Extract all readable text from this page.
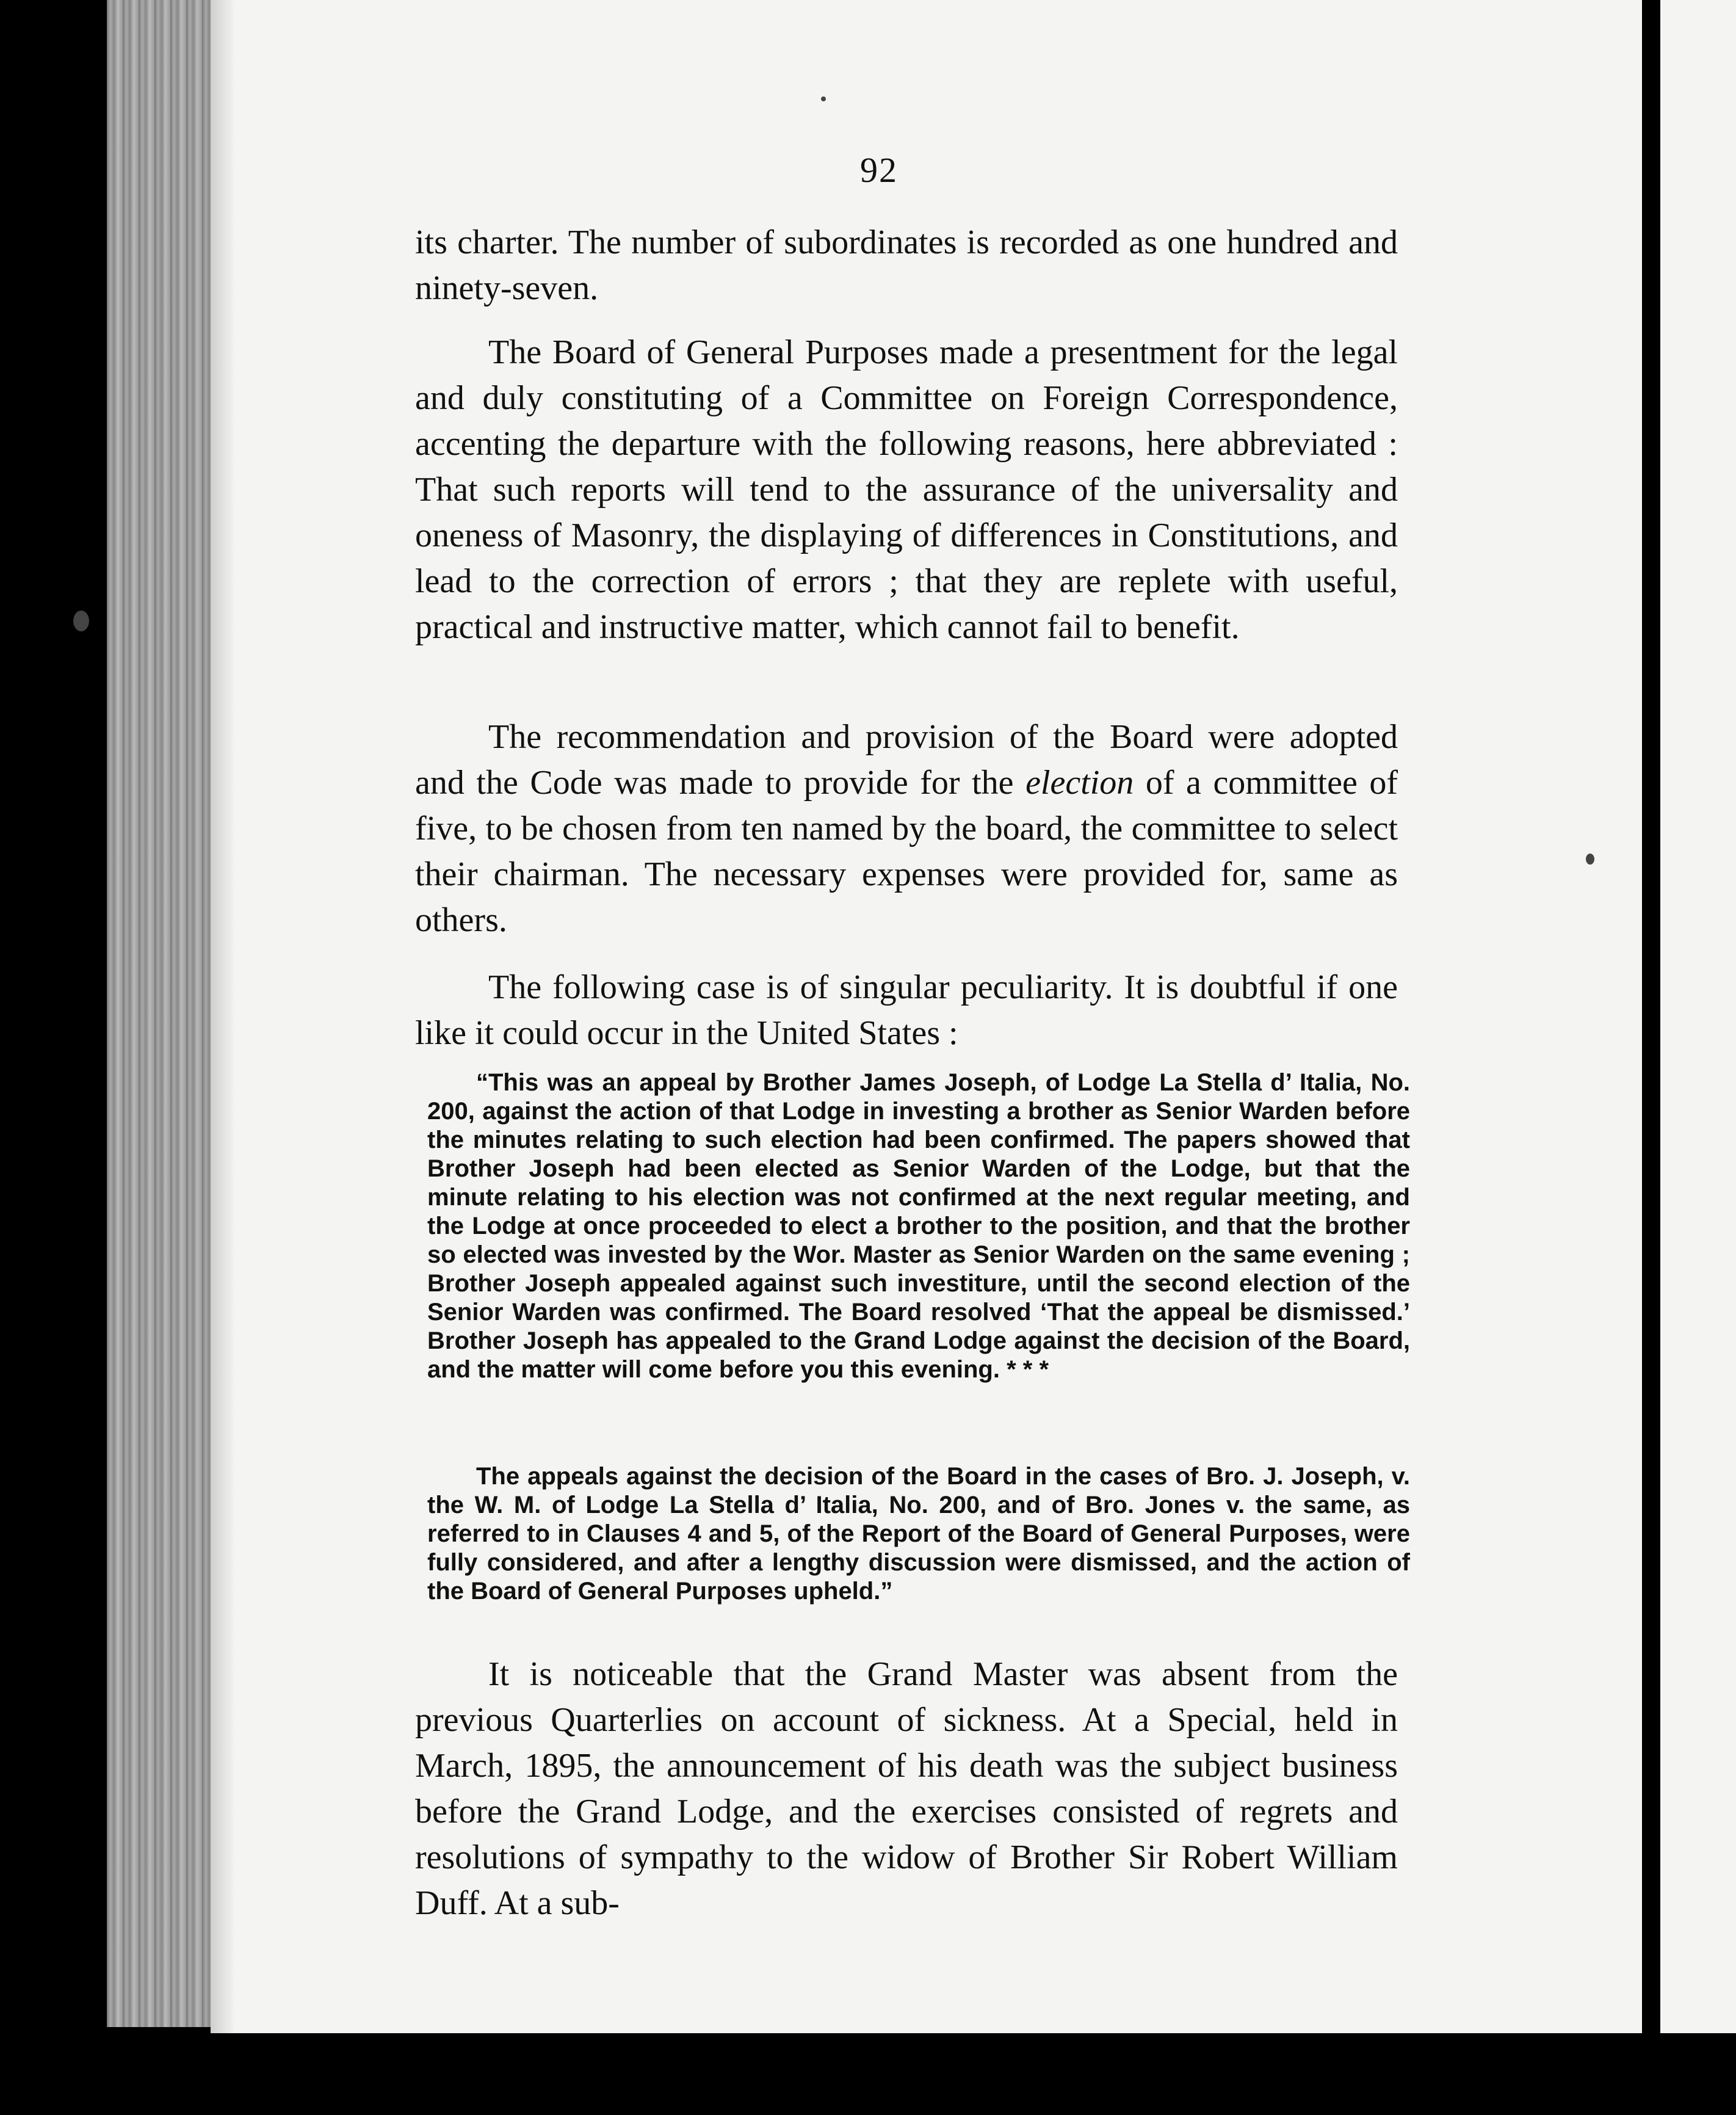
92

its charter. The number of subordinates is recorded as one hundred and ninety-seven.

The Board of General Purposes made a presentment for the legal and duly constituting of a Committee on Foreign Correspondence, accenting the departure with the following reasons, here abbreviated : That such reports will tend to the assurance of the universality and oneness of Masonry, the displaying of differences in Constitutions, and lead to the correction of errors ; that they are replete with useful, practical and instructive matter, which cannot fail to benefit.

The recommendation and provision of the Board were adopted and the Code was made to provide for the election of a committee of five, to be chosen from ten named by the board, the committee to select their chairman. The necessary expenses were provided for, same as others.

The following case is of singular peculiarity. It is doubtful if one like it could occur in the United States :

“This was an appeal by Brother James Joseph, of Lodge La Stella d’ Italia, No. 200, against the action of that Lodge in investing a brother as Senior Warden before the minutes relating to such election had been confirmed. The papers showed that Brother Joseph had been elected as Senior Warden of the Lodge, but that the minute relating to his election was not confirmed at the next regular meeting, and the Lodge at once proceeded to elect a brother to the position, and that the brother so elected was invested by the Wor. Master as Senior Warden on the same evening ; Brother Joseph appealed against such investiture, until the second election of the Senior Warden was confirmed. The Board resolved ‘That the appeal be dismissed.’ Brother Joseph has appealed to the Grand Lodge against the decision of the Board, and the matter will come before you this evening. * * *

The appeals against the decision of the Board in the cases of Bro. J. Joseph, v. the W. M. of Lodge La Stella d’ Italia, No. 200, and of Bro. Jones v. the same, as referred to in Clauses 4 and 5, of the Report of the Board of General Purposes, were fully considered, and after a lengthy discussion were dismissed, and the action of the Board of General Purposes upheld.”

It is noticeable that the Grand Master was absent from the previous Quarterlies on account of sickness. At a Special, held in March, 1895, the announcement of his death was the subject business before the Grand Lodge, and the exercises consisted of regrets and resolutions of sympathy to the widow of Brother Sir Robert William Duff. At a sub-
